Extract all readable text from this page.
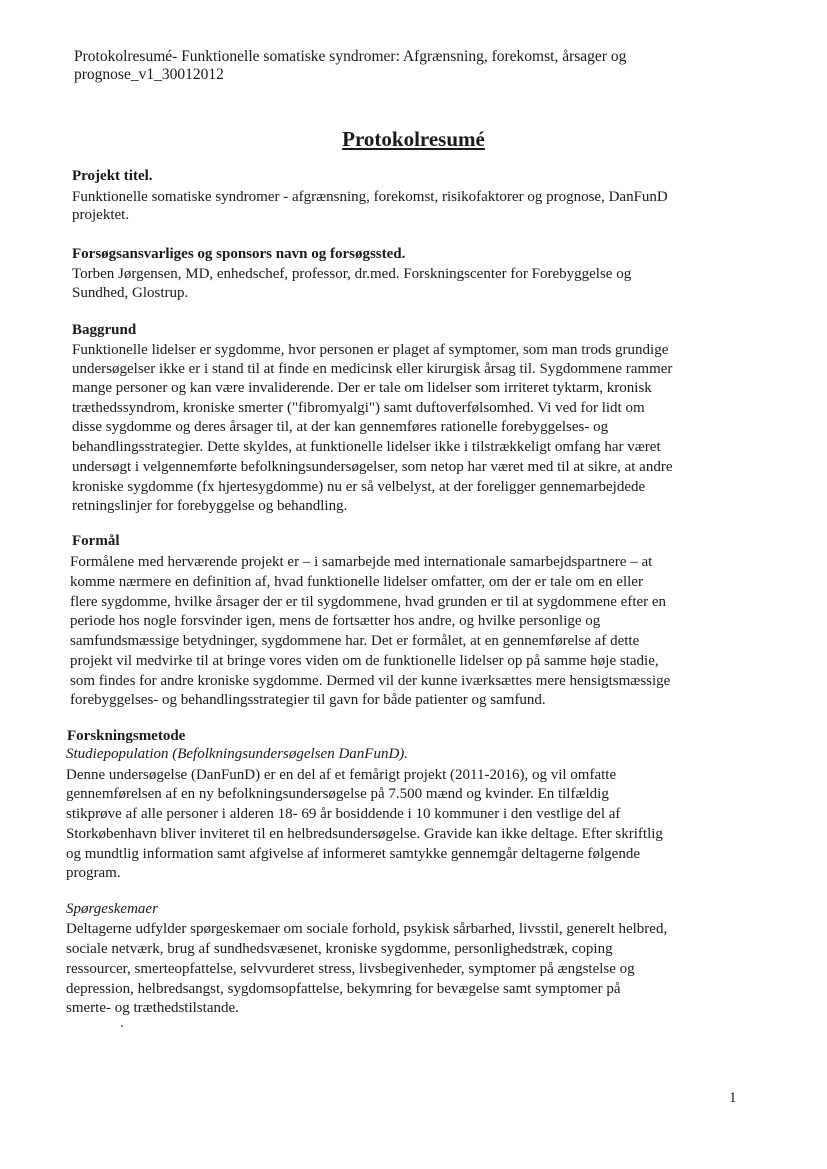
Protokolresumé- Funktionelle somatiske syndromer: Afgrænsning, forekomst, årsager og
prognose_v1_30012012
Protokolresumé
Projekt titel.
Funktionelle somatiske syndromer - afgrænsning, forekomst, risikofaktorer og prognose, DanFunD
projektet.
Forsøgsansvarliges og sponsors navn og forsøgssted.
Torben Jørgensen, MD, enhedschef, professor, dr.med. Forskningscenter for Forebyggelse og
Sundhed, Glostrup.
Baggrund
Funktionelle lidelser er sygdomme, hvor personen er plaget af symptomer, som man trods grundige
undersøgelser ikke er i stand til at finde en medicinsk eller kirurgisk årsag til. Sygdommene rammer
mange personer og kan være invaliderende. Der er tale om lidelser som irriteret tyktarm, kronisk
træthedssyndrom, kroniske smerter ("fibromyalgi") samt duftoverfølsomhed. Vi ved for lidt om
disse sygdomme og deres årsager til, at der kan gennemføres rationelle forebyggelses- og
behandlingsstrategier. Dette skyldes, at funktionelle lidelser ikke i tilstrækkeligt omfang har været
undersøgt i velgennemførte befolkningsundersøgelser, som netop har været med til at sikre, at andre
kroniske sygdomme (fx hjertesygdomme) nu er så velbelyst, at der foreligger gennemarbejdede
retningslinjer for forebyggelse og behandling.
Formål
Formålene med herværende projekt er – i samarbejde med internationale samarbejdspartnere – at
komme nærmere en definition af, hvad funktionelle lidelser omfatter, om der er tale om en eller
flere sygdomme, hvilke årsager der er til sygdommene, hvad grunden er til at sygdommene efter en
periode hos nogle forsvinder igen, mens de fortsætter hos andre, og hvilke personlige og
samfundsmæssige betydninger, sygdommene har. Det er formålet, at en gennemførelse af dette
projekt vil medvirke til at bringe vores viden om de funktionelle lidelser op på samme høje stadie,
som findes for andre kroniske sygdomme. Dermed vil der kunne iværksættes mere hensigtsmæssige
forebyggelses- og behandlingsstrategier til gavn for både patienter og samfund.
Forskningsmetode
Studiepopulation (Befolkningsundersøgelsen DanFunD).
Denne undersøgelse (DanFunD) er en del af et femårigt projekt (2011-2016), og vil omfatte
gennemførelsen af en ny befolkningsundersøgelse på 7.500 mænd og kvinder. En tilfældig
stikprøve af alle personer i alderen 18- 69 år bosiddende i 10 kommuner i den vestlige del af
Storkøbenhavn bliver inviteret til en helbredsundersøgelse. Gravide kan ikke deltage. Efter skriftlig
og mundtlig information samt afgivelse af informeret samtykke gennemgår deltagerne følgende
program.
Spørgeskemaer
Deltagerne udfylder spørgeskemaer om sociale forhold, psykisk sårbarhed, livsstil, generelt helbred,
sociale netværk, brug af sundhedsvæsenet, kroniske sygdomme, personlighedstræk, coping
ressourcer, smerteopfattelse, selvvurderet stress, livsbegivenheder, symptomer på ængstelse og
depression, helbredsangst, sygdomsopfattelse, bekymring for bevægelse samt symptomer på
smerte- og træthedstilstande.
1
